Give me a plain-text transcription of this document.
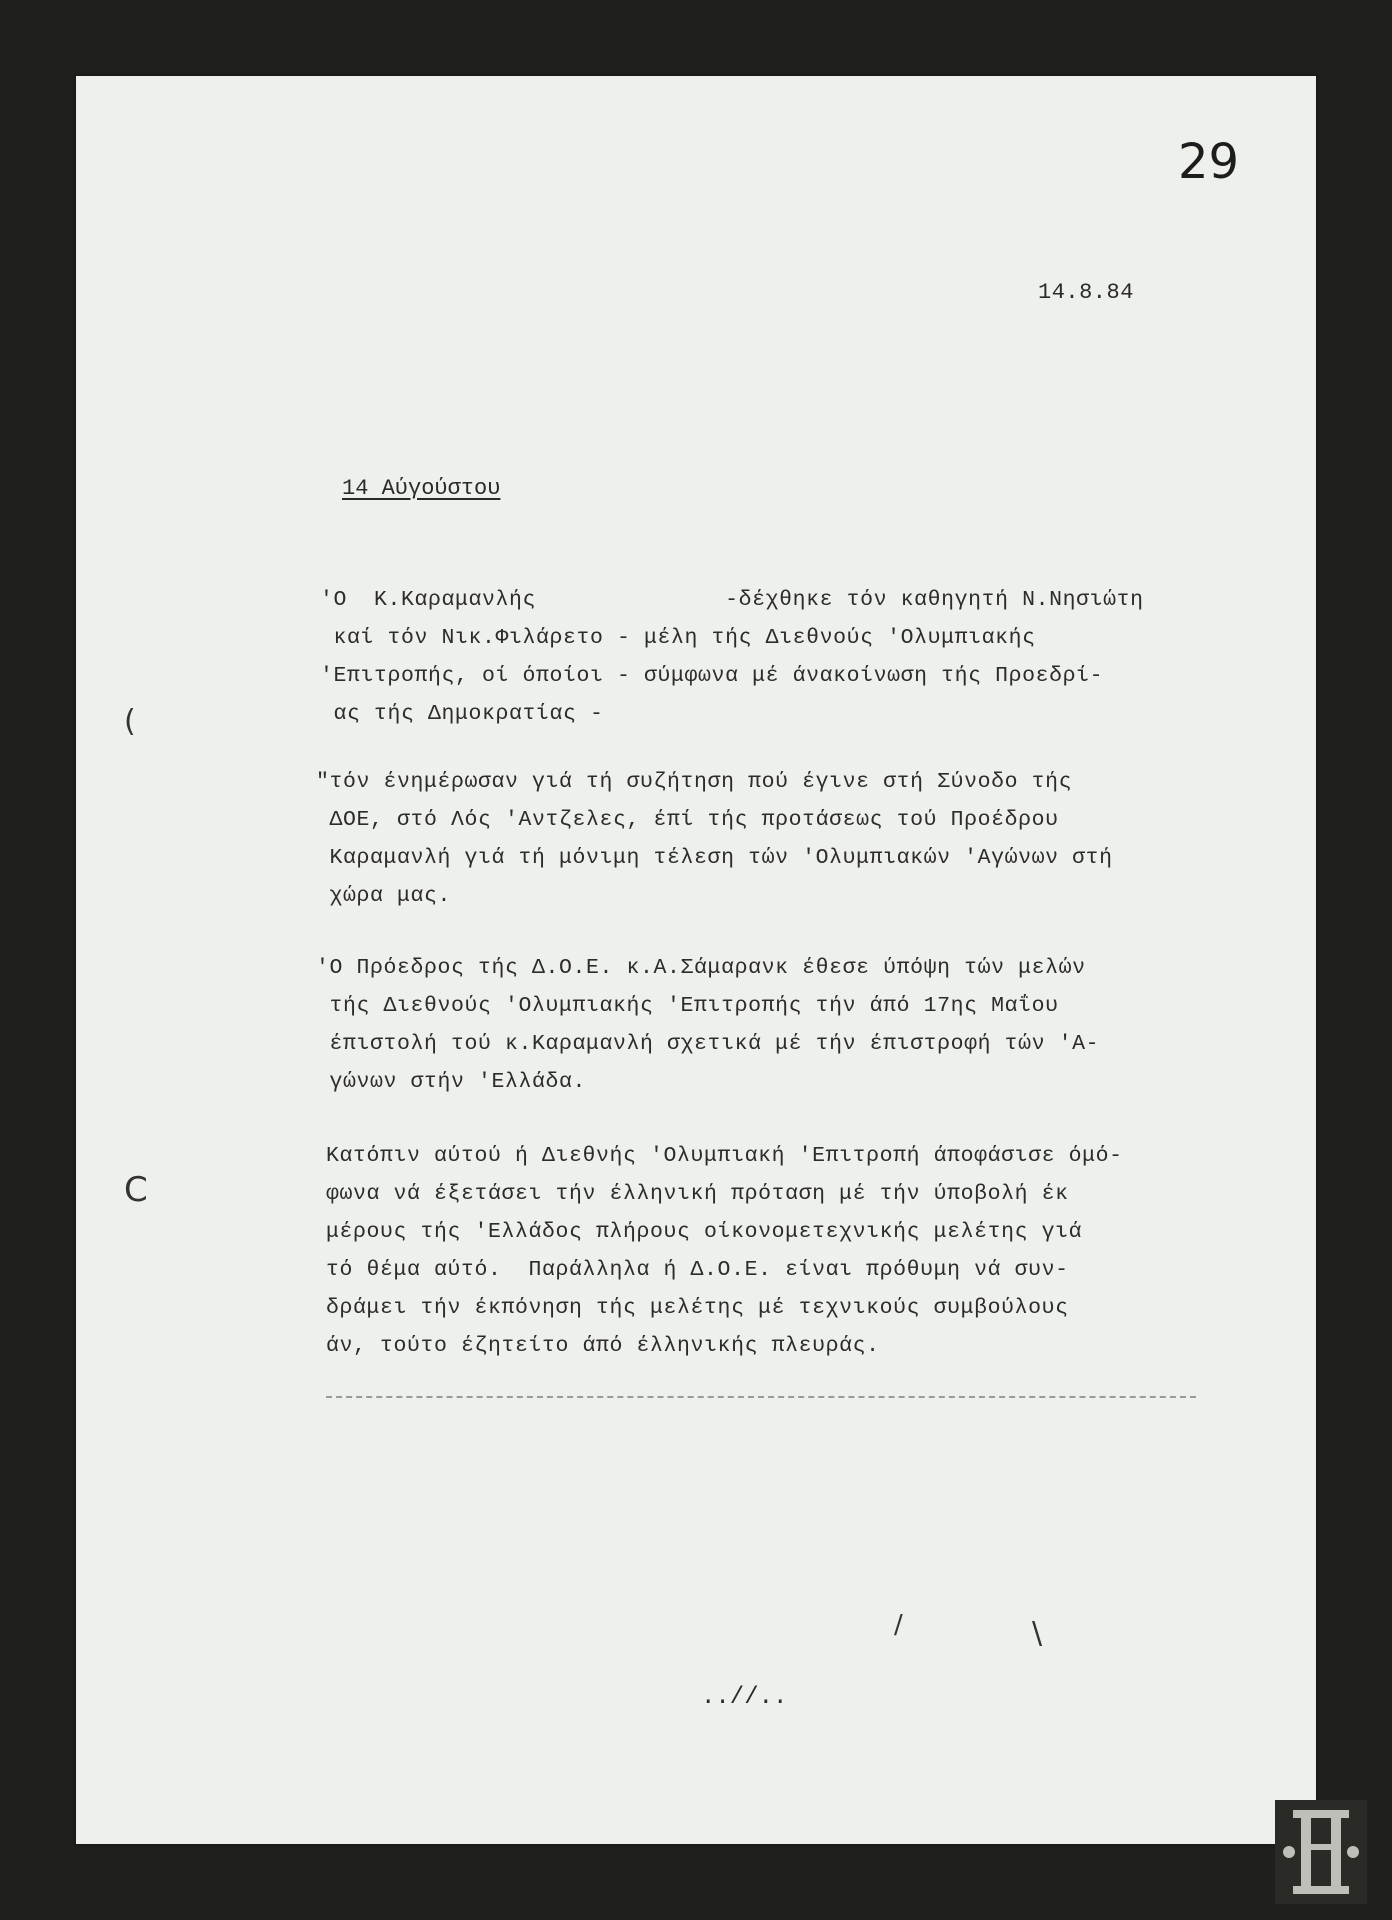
29
14.8.84
14 Αύγούστου
'Ο  Κ.Καραμανλής              -δέχθηκε τόν καθηγητή Ν.Νησιώτη
καί τόν Νικ.Φιλάρετο - μέλη τής Διεθνούς 'Ολυμπιακής
'Επιτροπής, οί όποίοι - σύμφωνα μέ άνακοίνωση τής Προεδρί-
ας τής Δημοκρατίας -
"τόν ένημέρωσαν γιά τή συζήτηση πού έγινε στή Σύνοδο τής
ΔΟΕ, στό Λός 'Αντζελες, έπί τής προτάσεως τού Προέδρου
Καραμανλή γιά τή μόνιμη τέλεση τών 'Ολυμπιακών 'Αγώνων στή
χώρα μας.
'Ο Πρόεδρος τής Δ.Ο.Ε. κ.Α.Σάμαρανκ έθεσε ύπόψη τών μελών
τής Διεθνούς 'Ολυμπιακής 'Επιτροπής τήν άπό 17ης Μαΐου
έπιστολή τού κ.Καραμανλή σχετικά μέ τήν έπιστροφή τών 'Α-
γώνων στήν 'Ελλάδα.
Κατόπιν αύτού ή Διεθνής 'Ολυμπιακή 'Επιτροπή άποφάσισε όμό-
φωνα νά έξετάσει τήν έλληνική πρόταση μέ τήν ύποβολή έκ
μέρους τής 'Ελλάδος πλήρους οίκονομετεχνικής μελέτης γιά
τό θέμα αύτό.  Παράλληλα ή Δ.Ο.Ε. είναι πρόθυμη νά συν-
δράμει τήν έκπόνηση τής μελέτης μέ τεχνικούς συμβούλους
άν, τούτο έζητείτο άπό έλληνικής πλευράς.
..//..
(
C
\
/
